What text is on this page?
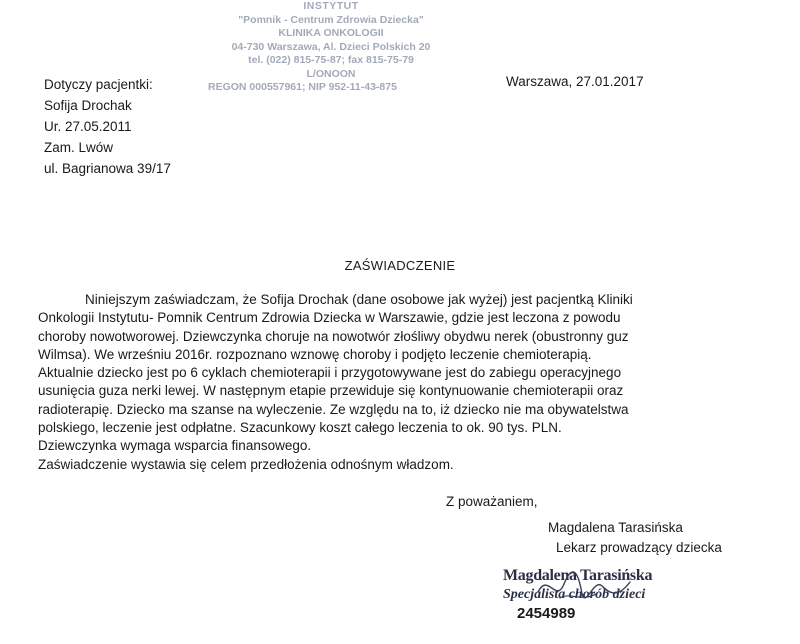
INSTYTUT
"Pomnik - Centrum Zdrowia Dziecka"
KLINIKA ONKOLOGII
04-730 Warszawa, Al. Dzieci Polskich 20
tel. (022) 815-75-87; fax 815-75-79
L/ONOON
REGON 000557961; NIP 952-11-43-875
Dotyczy pacjentki:
Sofija Drochak
Ur. 27.05.2011
Zam. Lwów
ul. Bagrianowa 39/17
Warszawa, 27.01.2017
ZAŚWIADCZENIE
Niniejszym zaświadczam, że Sofija Drochak (dane osobowe jak wyżej) jest pacjentką Kliniki
Onkologii Instytutu- Pomnik Centrum Zdrowia Dziecka w Warszawie, gdzie jest leczona z powodu
choroby nowotworowej. Dziewczynka choruje na nowotwór złośliwy obydwu nerek (obustronny guz
Wilmsa). We wrześniu 2016r. rozpoznano wznowę choroby i podjęto leczenie chemioterapią.
Aktualnie dziecko jest po 6 cyklach chemioterapii i przygotowywane jest do zabiegu operacyjnego
usunięcia guza nerki lewej. W następnym etapie przewiduje się kontynuowanie chemioterapii oraz
radioterapię. Dziecko ma szanse na wyleczenie. Ze względu na to, iż dziecko nie ma obywatelstwa
polskiego, leczenie jest odpłatne. Szacunkowy koszt całego leczenia to ok. 90 tys. PLN.
Dziewczynka wymaga wsparcia finansowego.
Zaświadczenie wystawia się celem przedłożenia odnośnym władzom.
Z poważaniem,
Magdalena Tarasińska
Lekarz prowadzący dziecka
Magdalena Tarasińska
Specjalista chorób dzieci
2454989
